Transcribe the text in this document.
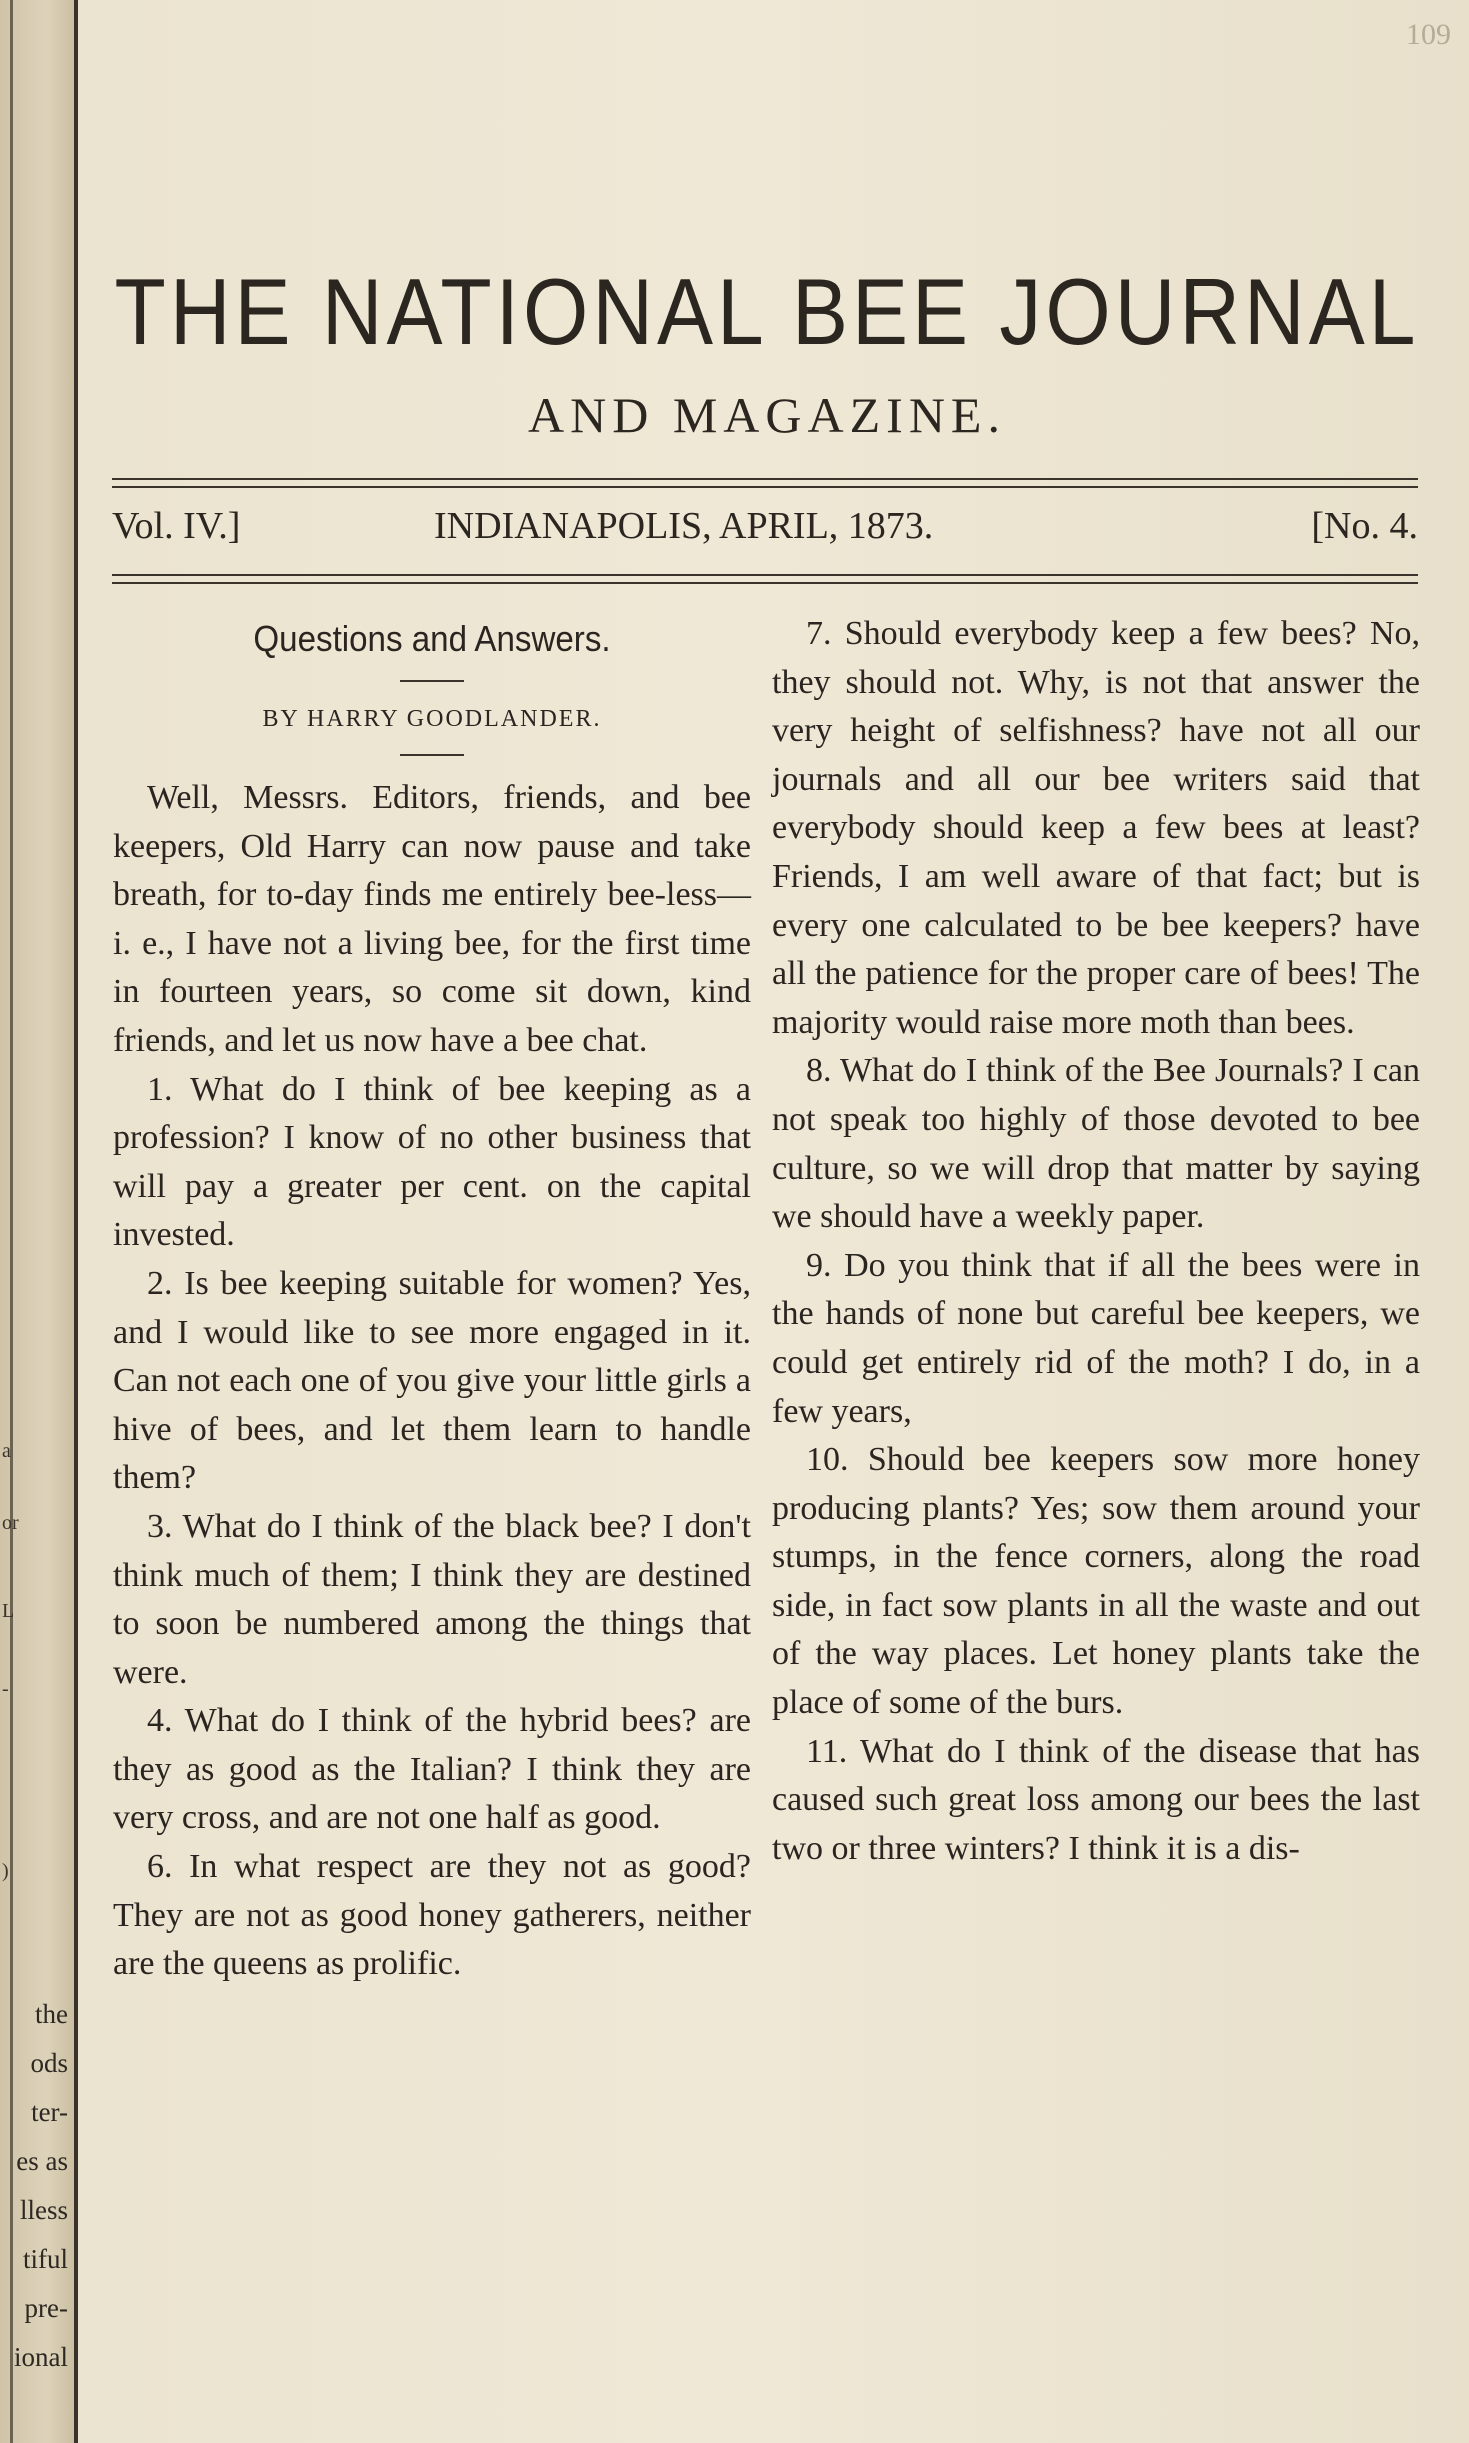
a
or
L
-
)
the
ods
ter-
es as
lless
tiful
pre-
ional
109
THE NATIONAL BEE JOURNAL
AND MAGAZINE.
Vol. IV.]	INDIANAPOLIS, APRIL, 1873.	[No. 4.

Questions and Answers.

BY HARRY GOODLANDER.

Well, Messrs. Editors, friends, and bee keepers, Old Harry can now pause and take breath, for to-day finds me entirely bee-less—i. e., I have not a living bee, for the first time in fourteen years, so come sit down, kind friends, and let us now have a bee chat.

1. What do I think of bee keeping as a profession? I know of no other business that will pay a greater per cent. on the capital invested.

2. Is bee keeping suitable for women? Yes, and I would like to see more engaged in it. Can not each one of you give your little girls a hive of bees, and let them learn to handle them?

3. What do I think of the black bee? I don't think much of them; I think they are destined to soon be numbered among the things that were.

4. What do I think of the hybrid bees? are they as good as the Italian? I think they are very cross, and are not one half as good.

6. In what respect are they not as good? They are not as good honey gatherers, neither are the queens as prolific.

7. Should everybody keep a few bees? No, they should not. Why, is not that answer the very height of selfishness? have not all our journals and all our bee writers said that everybody should keep a few bees at least? Friends, I am well aware of that fact; but is every one calculated to be bee keepers? have all the patience for the proper care of bees! The majority would raise more moth than bees.

8. What do I think of the Bee Journals? I can not speak too highly of those devoted to bee culture, so we will drop that matter by saying we should have a weekly paper.

9. Do you think that if all the bees were in the hands of none but careful bee keepers, we could get entirely rid of the moth? I do, in a few years,

10. Should bee keepers sow more honey producing plants? Yes; sow them around your stumps, in the fence corners, along the road side, in fact sow plants in all the waste and out of the way places. Let honey plants take the place of some of the burs.

11. What do I think of the disease that has caused such great loss among our bees the last two or three winters? I think it is a dis-
